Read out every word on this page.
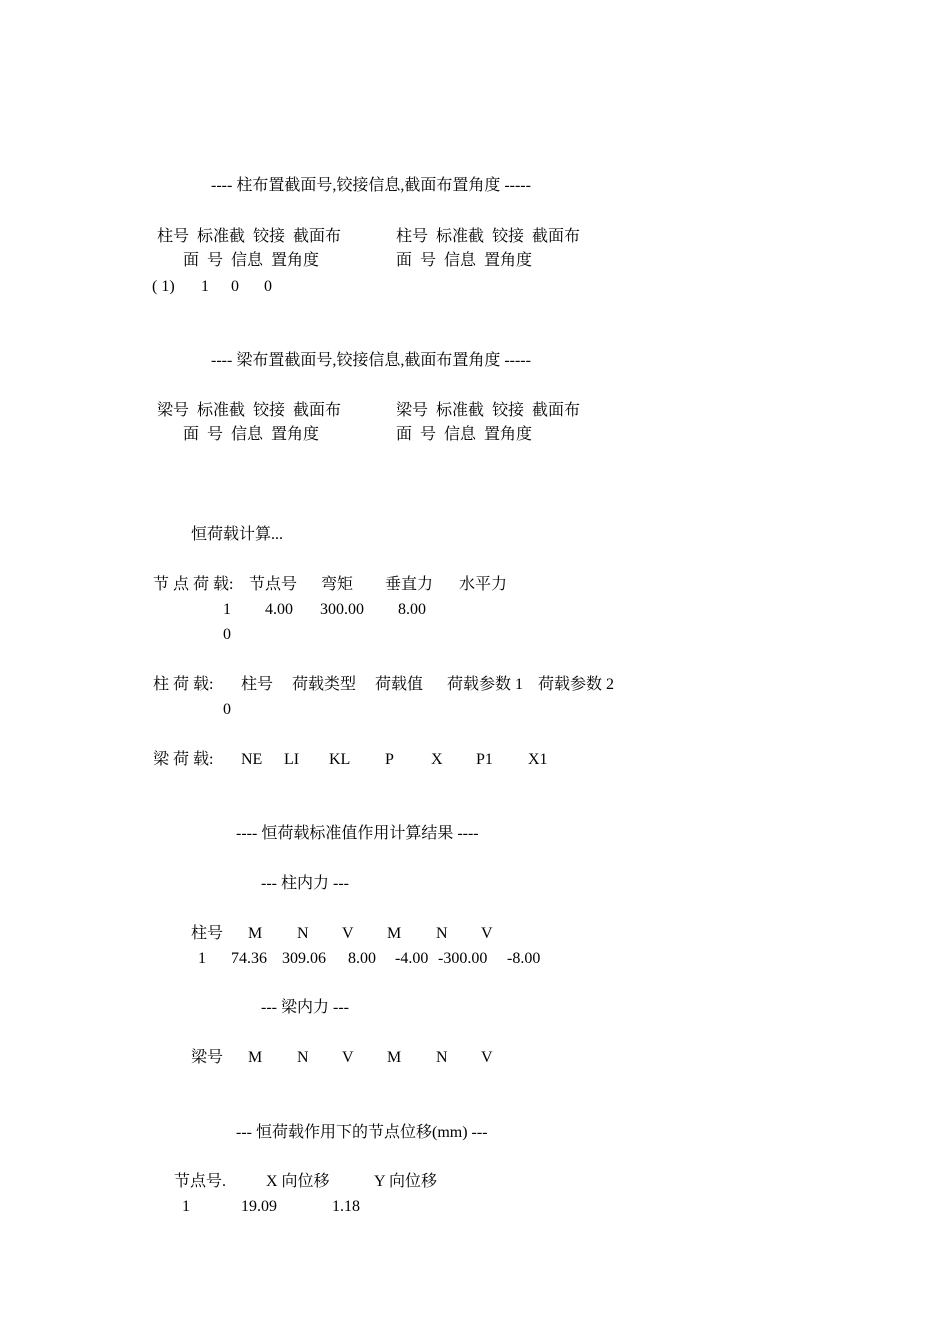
---- 柱布置截面号,铰接信息,截面布置角度 -----
柱号  标准截  铰接  截面布	柱号  标准截  铰接  截面布
面  号  信息  置角度	面  号  信息  置角度
( 1) 1 0 0
---- 梁布置截面号,铰接信息,截面布置角度 -----
梁号  标准截  铰接  截面布	梁号  标准截  铰接  截面布
面  号  信息  置角度	面  号  信息  置角度
恒荷载计算...
节 点 荷 载: 节点号 弯矩 垂直力 水平力
1 4.00 300.00 8.00
0
柱 荷 载: 柱号 荷载类型 荷载值 荷载参数 1 荷载参数 2
0
梁 荷 载: NE LI KL P X P1 X1
---- 恒荷载标准值作用计算结果 ----
--- 柱内力 ---
柱号 M N V M N V
1 74.36 309.06 8.00 -4.00 -300.00 -8.00
--- 梁内力 ---
梁号 M N V M N V
--- 恒荷载作用下的节点位移(mm) ---
节点号. X 向位移	Y 向位移
1	19.09	1.18
